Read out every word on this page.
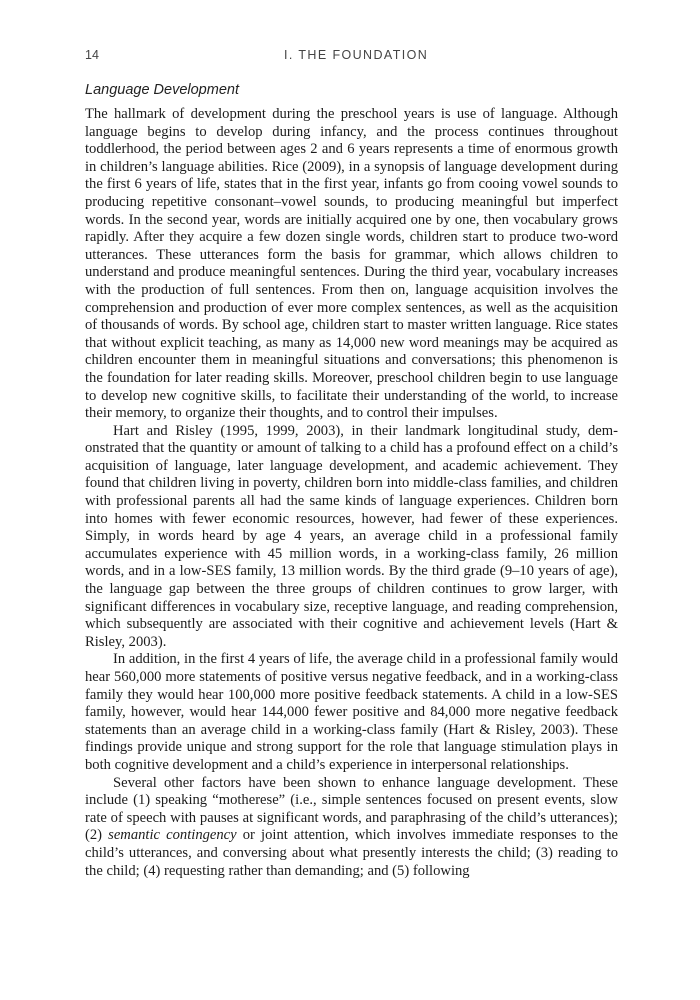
14	I. THE FOUNDATION
Language Development

The hallmark of development during the preschool years is use of language. Although language begins to develop during infancy, and the process continues throughout toddlerhood, the period between ages 2 and 6 years represents a time of enormous growth in children’s language abilities. Rice (2009), in a synopsis of language development during the first 6 years of life, states that in the first year, infants go from cooing vowel sounds to producing repetitive consonant–vowel sounds, to producing meaningful but imperfect words. In the second year, words are initially acquired one by one, then vocabulary grows rapidly. After they acquire a few dozen single words, children start to produce two-word utterances. These utterances form the basis for grammar, which allows children to understand and produce meaningful sentences. During the third year, vocabulary increases with the production of full sentences. From then on, language acquisition involves the comprehension and production of ever more complex sentences, as well as the acquisition of thousands of words. By school age, children start to master written language. Rice states that without explicit teaching, as many as 14,000 new word meanings may be acquired as children encounter them in meaningful situations and conversations; this phenomenon is the foundation for later reading skills. Moreover, preschool children begin to use language to develop new cognitive skills, to facilitate their understanding of the world, to increase their memory, to organize their thoughts, and to control their impulses.

Hart and Risley (1995, 1999, 2003), in their landmark longitudinal study, demonstrated that the quantity or amount of talking to a child has a profound effect on a child’s acquisition of language, later language development, and academic achievement. They found that children living in poverty, children born into middle-class families, and children with professional parents all had the same kinds of language experiences. Children born into homes with fewer economic resources, however, had fewer of these experiences. Simply, in words heard by age 4 years, an average child in a professional family accumulates experience with 45 million words, in a working-class family, 26 million words, and in a low-SES family, 13 million words. By the third grade (9–10 years of age), the language gap between the three groups of children continues to grow larger, with significant differences in vocabulary size, receptive language, and reading comprehension, which subsequently are associated with their cognitive and achievement levels (Hart & Risley, 2003).

In addition, in the first 4 years of life, the average child in a professional family would hear 560,000 more statements of positive versus negative feedback, and in a working-class family they would hear 100,000 more positive feedback statements. A child in a low-SES family, however, would hear 144,000 fewer positive and 84,000 more negative feedback statements than an average child in a working-class family (Hart & Risley, 2003). These findings provide unique and strong support for the role that language stimulation plays in both cognitive development and a child’s experience in interpersonal relationships.

Several other factors have been shown to enhance language development. These include (1) speaking “motherese” (i.e., simple sentences focused on present events, slow rate of speech with pauses at significant words, and paraphrasing of the child’s utterances); (2) semantic contingency or joint attention, which involves immediate responses to the child’s utterances, and conversing about what presently interests the child; (3) reading to the child; (4) requesting rather than demanding; and (5) following
